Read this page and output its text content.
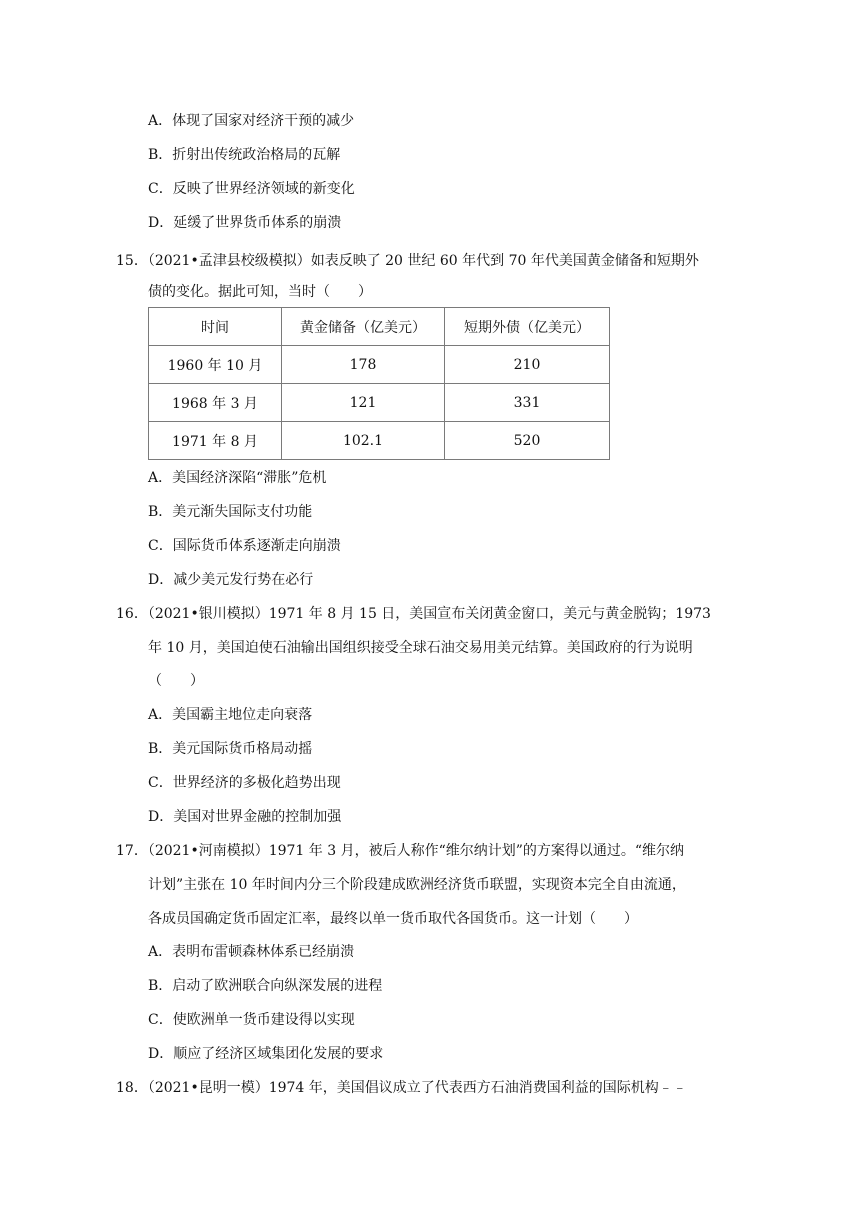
A．体现了国家对经济干预的减少
B．折射出传统政治格局的瓦解
C．反映了世界经济领域的新变化
D．延缓了世界货币体系的崩溃
15．（2021•孟津县校级模拟）如表反映了 20 世纪 60 年代到 70 年代美国黄金储备和短期外
债的变化。据此可知，当时（　　）
时间	黄金储备（亿美元）	短期外债（亿美元）
1960 年 10 月	178	210
1968 年 3 月	121	331
1971 年 8 月	102.1	520
A．美国经济深陷“滞胀”危机
B．美元渐失国际支付功能
C．国际货币体系逐渐走向崩溃
D．减少美元发行势在必行
16．（2021•银川模拟）1971 年 8 月 15 日，美国宣布关闭黄金窗口，美元与黄金脱钩；1973
年 10 月，美国迫使石油输出国组织接受全球石油交易用美元结算。美国政府的行为说明
（　　）
A．美国霸主地位走向衰落
B．美元国际货币格局动摇
C．世界经济的多极化趋势出现
D．美国对世界金融的控制加强
17．（2021•河南模拟）1971 年 3 月，被后人称作“维尔纳计划”的方案得以通过。“维尔纳
计划”主张在 10 年时间内分三个阶段建成欧洲经济货币联盟，实现资本完全自由流通，
各成员国确定货币固定汇率，最终以单一货币取代各国货币。这一计划（　　）
A．表明布雷顿森林体系已经崩溃
B．启动了欧洲联合向纵深发展的进程
C．使欧洲单一货币建设得以实现
D．顺应了经济区域集团化发展的要求
18．（2021•昆明一模）1974 年，美国倡议成立了代表西方石油消费国利益的国际机构﹣﹣
